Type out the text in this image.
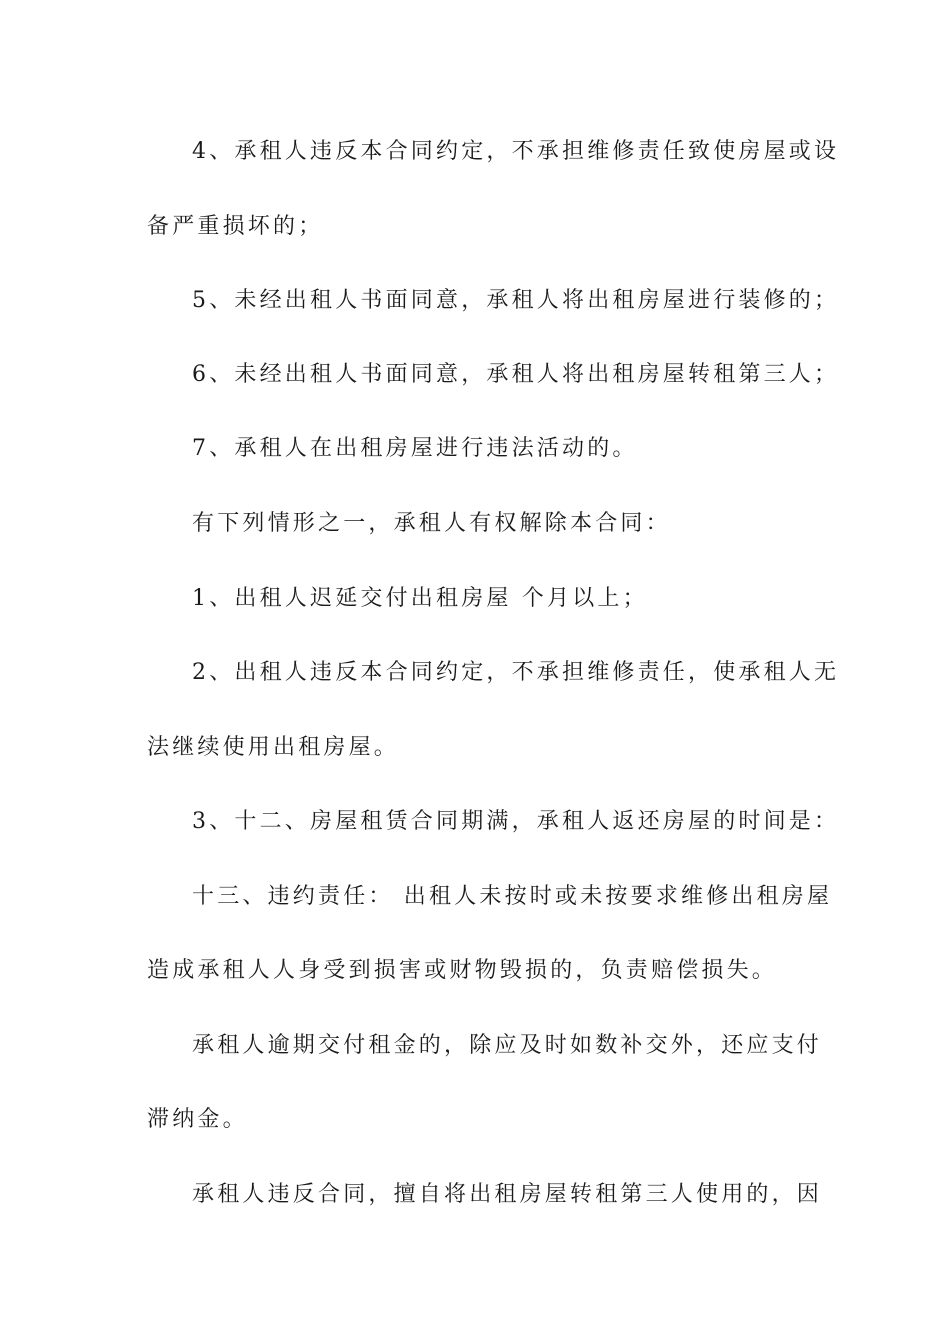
4、承租人违反本合同约定，不承担维修责任致使房屋或设
备严重损坏的；
5、未经出租人书面同意，承租人将出租房屋进行装修的；
6、未经出租人书面同意，承租人将出租房屋转租第三人；
7、承租人在出租房屋进行违法活动的。
有下列情形之一，承租人有权解除本合同：
1、出租人迟延交付出租房屋 个月以上；
2、出租人违反本合同约定，不承担维修责任，使承租人无
法继续使用出租房屋。
3、十二、房屋租赁合同期满，承租人返还房屋的时间是：
十三、违约责任： 出租人未按时或未按要求维修出租房屋
造成承租人人身受到损害或财物毁损的，负责赔偿损失。
承租人逾期交付租金的，除应及时如数补交外，还应支付
滞纳金。
承租人违反合同，擅自将出租房屋转租第三人使用的，因
